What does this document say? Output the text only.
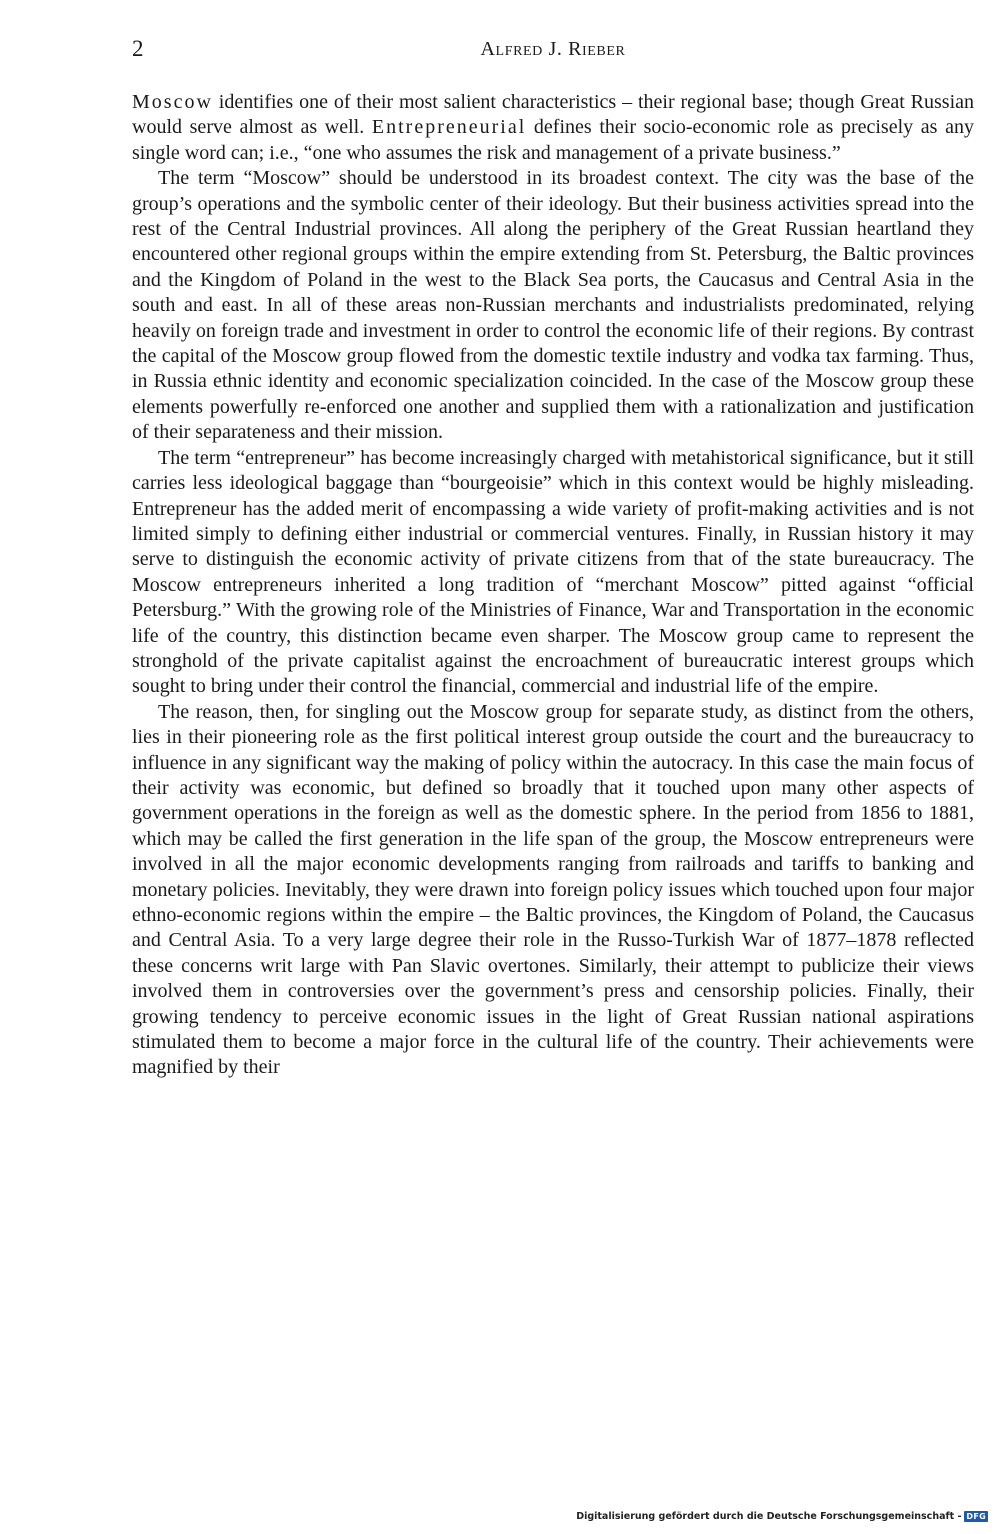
2	Alfred J. Rieber

Moscow identifies one of their most salient characteristics – their regional base; though Great Russian would serve almost as well. Entrepreneurial defines their socio-economic role as precisely as any single word can; i.e., “one who assumes the risk and management of a private business.”

The term “Moscow” should be understood in its broadest context. The city was the base of the group’s operations and the symbolic center of their ideology. But their business activities spread into the rest of the Central Industrial provinces. All along the periphery of the Great Russian heartland they encountered other regional groups within the empire extending from St. Petersburg, the Baltic provinces and the Kingdom of Poland in the west to the Black Sea ports, the Caucasus and Central Asia in the south and east. In all of these areas non-Russian merchants and industrialists predominated, relying heavily on foreign trade and investment in order to control the economic life of their regions. By contrast the capital of the Moscow group flowed from the domestic textile industry and vodka tax farming. Thus, in Russia ethnic identity and economic specialization coincided. In the case of the Moscow group these elements powerfully re-enforced one another and supplied them with a rationalization and justification of their separateness and their mission.

The term “entrepreneur” has become increasingly charged with metahistorical significance, but it still carries less ideological baggage than “bourgeoisie” which in this context would be highly misleading. Entrepreneur has the added merit of encompassing a wide variety of profit-making activities and is not limited simply to defining either industrial or commercial ventures. Finally, in Russian history it may serve to distinguish the economic activity of private citizens from that of the state bureaucracy. The Moscow entrepreneurs inherited a long tradition of “merchant Moscow” pitted against “official Petersburg.” With the growing role of the Ministries of Finance, War and Transportation in the economic life of the country, this distinction became even sharper. The Moscow group came to represent the stronghold of the private capitalist against the encroachment of bureaucratic interest groups which sought to bring under their control the financial, commercial and industrial life of the empire.

The reason, then, for singling out the Moscow group for separate study, as distinct from the others, lies in their pioneering role as the first political interest group outside the court and the bureaucracy to influence in any significant way the making of policy within the autocracy. In this case the main focus of their activity was economic, but defined so broadly that it touched upon many other aspects of government operations in the foreign as well as the domestic sphere. In the period from 1856 to 1881, which may be called the first generation in the life span of the group, the Moscow entrepreneurs were involved in all the major economic developments ranging from railroads and tariffs to banking and monetary policies. Inevitably, they were drawn into foreign policy issues which touched upon four major ethno-economic regions within the empire – the Baltic provinces, the Kingdom of Poland, the Caucasus and Central Asia. To a very large degree their role in the Russo-Turkish War of 1877–1878 reflected these concerns writ large with Pan Slavic overtones. Similarly, their attempt to publicize their views involved them in controversies over the government’s press and censorship policies. Finally, their growing tendency to perceive economic issues in the light of Great Russian national aspirations stimulated them to become a major force in the cultural life of the country. Their achievements were magnified by their

Digitalisierung gefördert durch die Deutsche Forschungsgemeinschaft - DFG
